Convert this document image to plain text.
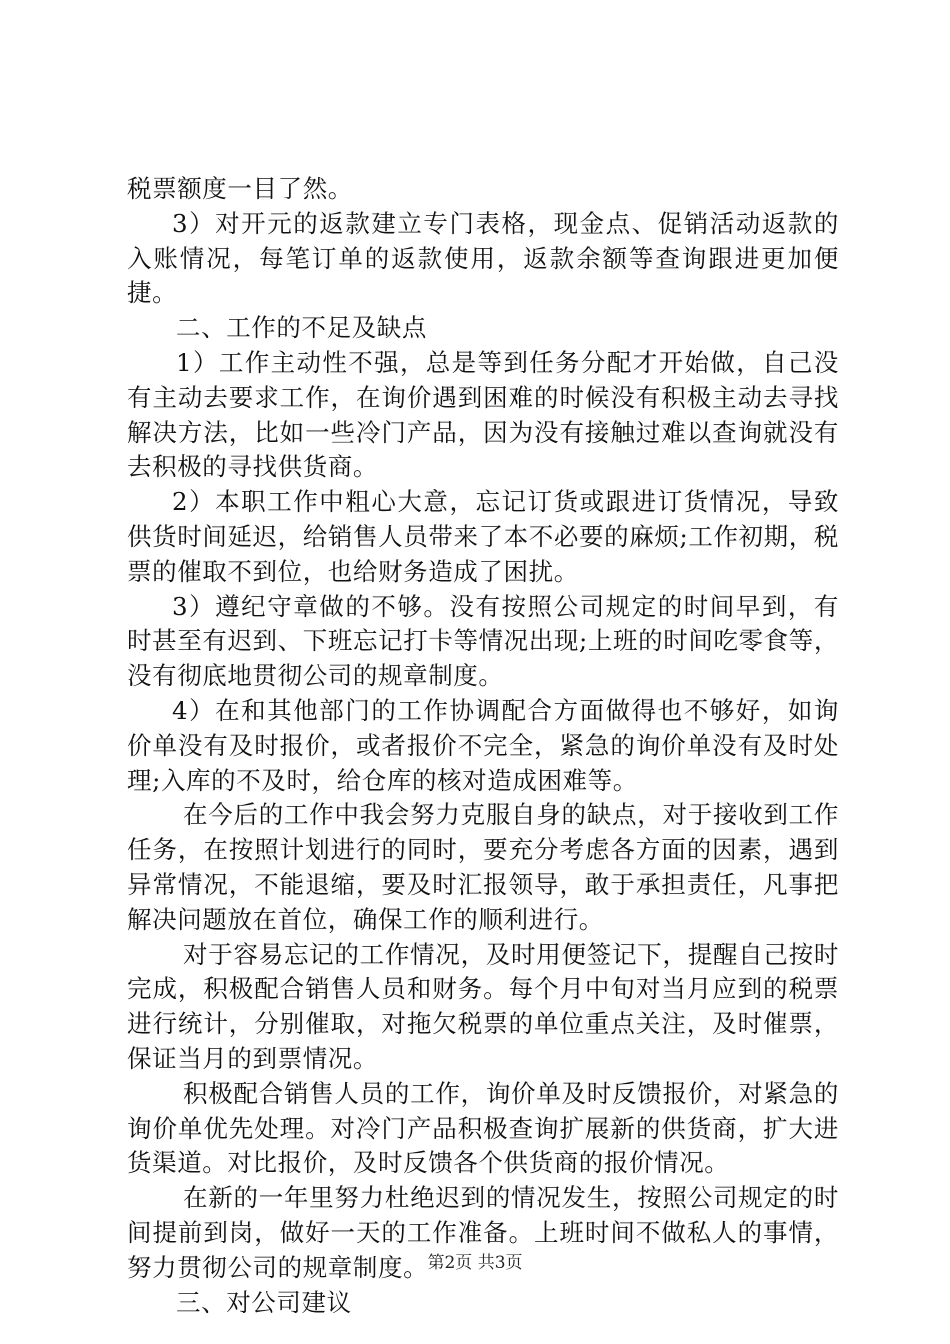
税票额度一目了然。

3）对开元的返款建立专门表格，现金点、促销活动返款的入账情况，每笔订单的返款使用，返款余额等查询跟进更加便捷。

二、工作的不足及缺点

1）工作主动性不强，总是等到任务分配才开始做，自己没有主动去要求工作，在询价遇到困难的时候没有积极主动去寻找解决方法，比如一些冷门产品，因为没有接触过难以查询就没有去积极的寻找供货商。

2）本职工作中粗心大意，忘记订货或跟进订货情况，导致供货时间延迟，给销售人员带来了本不必要的麻烦;工作初期，税票的催取不到位，也给财务造成了困扰。

3）遵纪守章做的不够。没有按照公司规定的时间早到，有时甚至有迟到、下班忘记打卡等情况出现;上班的时间吃零食等，没有彻底地贯彻公司的规章制度。

4）在和其他部门的工作协调配合方面做得也不够好，如询价单没有及时报价，或者报价不完全，紧急的询价单没有及时处理;入库的不及时，给仓库的核对造成困难等。

在今后的工作中我会努力克服自身的缺点，对于接收到工作任务，在按照计划进行的同时，要充分考虑各方面的因素，遇到异常情况，不能退缩，要及时汇报领导，敢于承担责任，凡事把解决问题放在首位，确保工作的顺利进行。

对于容易忘记的工作情况，及时用便签记下，提醒自己按时完成，积极配合销售人员和财务。每个月中旬对当月应到的税票进行统计，分别催取，对拖欠税票的单位重点关注，及时催票，保证当月的到票情况。

积极配合销售人员的工作，询价单及时反馈报价，对紧急的询价单优先处理。对冷门产品积极查询扩展新的供货商，扩大进货渠道。对比报价，及时反馈各个供货商的报价情况。

在新的一年里努力杜绝迟到的情况发生，按照公司规定的时间提前到岗，做好一天的工作准备。上班时间不做私人的事情，努力贯彻公司的规章制度。

三、对公司建议

第2页 共3页
